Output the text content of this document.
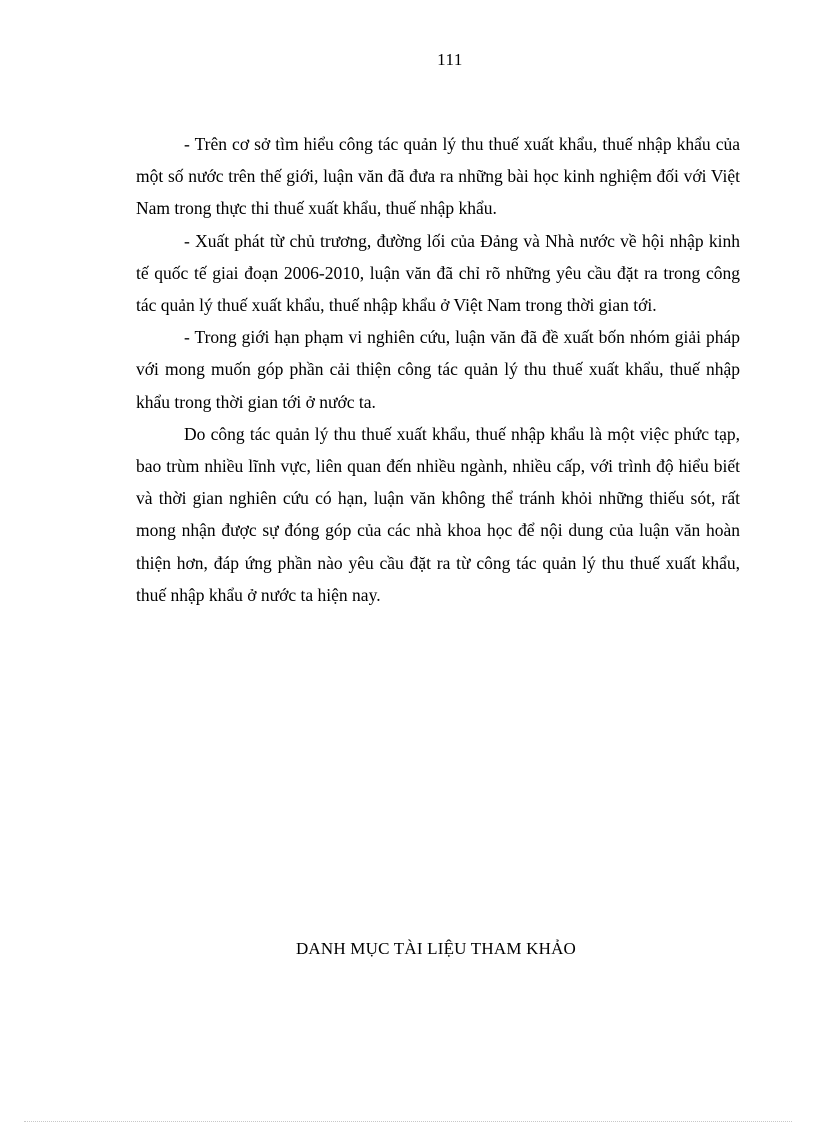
111

- Trên cơ sở tìm hiểu công tác quản lý thu thuế xuất khẩu, thuế nhập khẩu của một số nước trên thế giới, luận văn đã đưa ra những bài học kinh nghiệm đối với Việt Nam trong thực thi thuế xuất khẩu, thuế nhập khẩu.

- Xuất phát từ chủ trương, đường lối của Đảng và Nhà nước về hội nhập kinh tế quốc tế giai đoạn 2006-2010, luận văn đã chỉ rõ những yêu cầu đặt ra trong công tác quản lý thuế xuất khẩu, thuế nhập khẩu ở Việt Nam trong thời gian tới.

- Trong giới hạn phạm vi nghiên cứu, luận văn đã đề xuất bốn nhóm giải pháp với mong muốn góp phần cải thiện công tác quản lý thu thuế xuất khẩu, thuế nhập khẩu trong thời gian tới ở nước ta.

Do công tác quản lý thu thuế xuất khẩu, thuế nhập khẩu là một việc phức tạp, bao trùm nhiều lĩnh vực, liên quan đến nhiều ngành, nhiều cấp, với trình độ hiểu biết và thời gian nghiên cứu có hạn, luận văn không thể tránh khỏi những thiếu sót, rất mong nhận được sự đóng góp của các nhà khoa học để nội dung của luận văn hoàn thiện hơn, đáp ứng phần nào yêu cầu đặt ra từ công tác quản lý thu thuế xuất khẩu, thuế nhập khẩu ở nước ta hiện nay.

DANH MỤC TÀI LIỆU THAM KHẢO
